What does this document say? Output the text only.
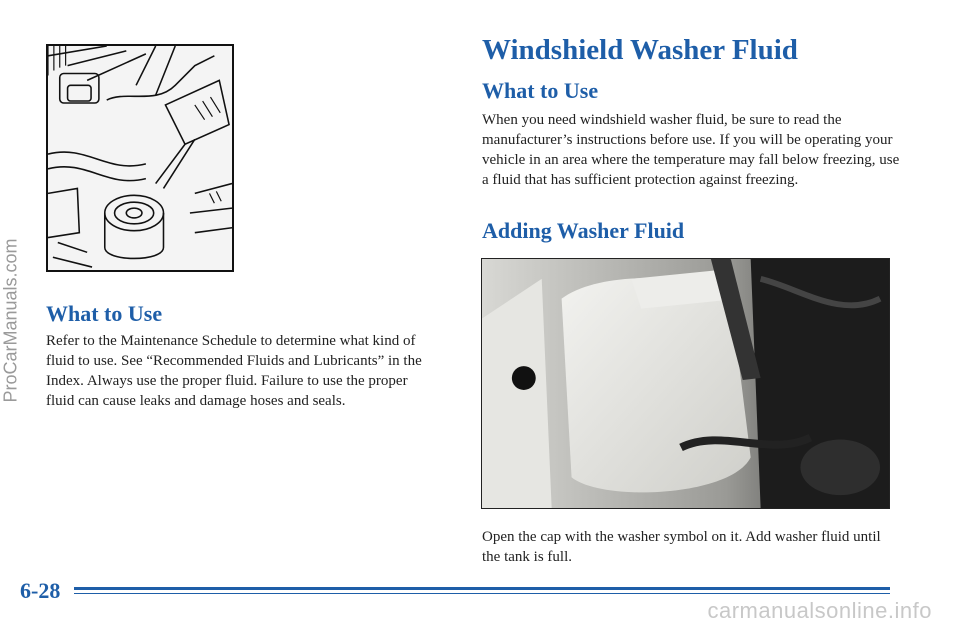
What to Use

Refer to the Maintenance Schedule to determine what kind of fluid to use. See “Recommended Fluids and Lubricants” in the Index. Always use the proper fluid. Failure to use the proper fluid can cause leaks and damage hoses and seals.

Windshield Washer Fluid
What to Use

When you need windshield washer fluid, be sure to read the manufacturer’s instructions before use. If you will be operating your vehicle in an area where the temperature may fall below freezing, use a fluid that has sufficient protection against freezing.

Adding Washer Fluid

Open the cap with the washer symbol on it. Add washer fluid until the tank is full.

6-28
ProCarManuals.com
carmanualsonline.info
